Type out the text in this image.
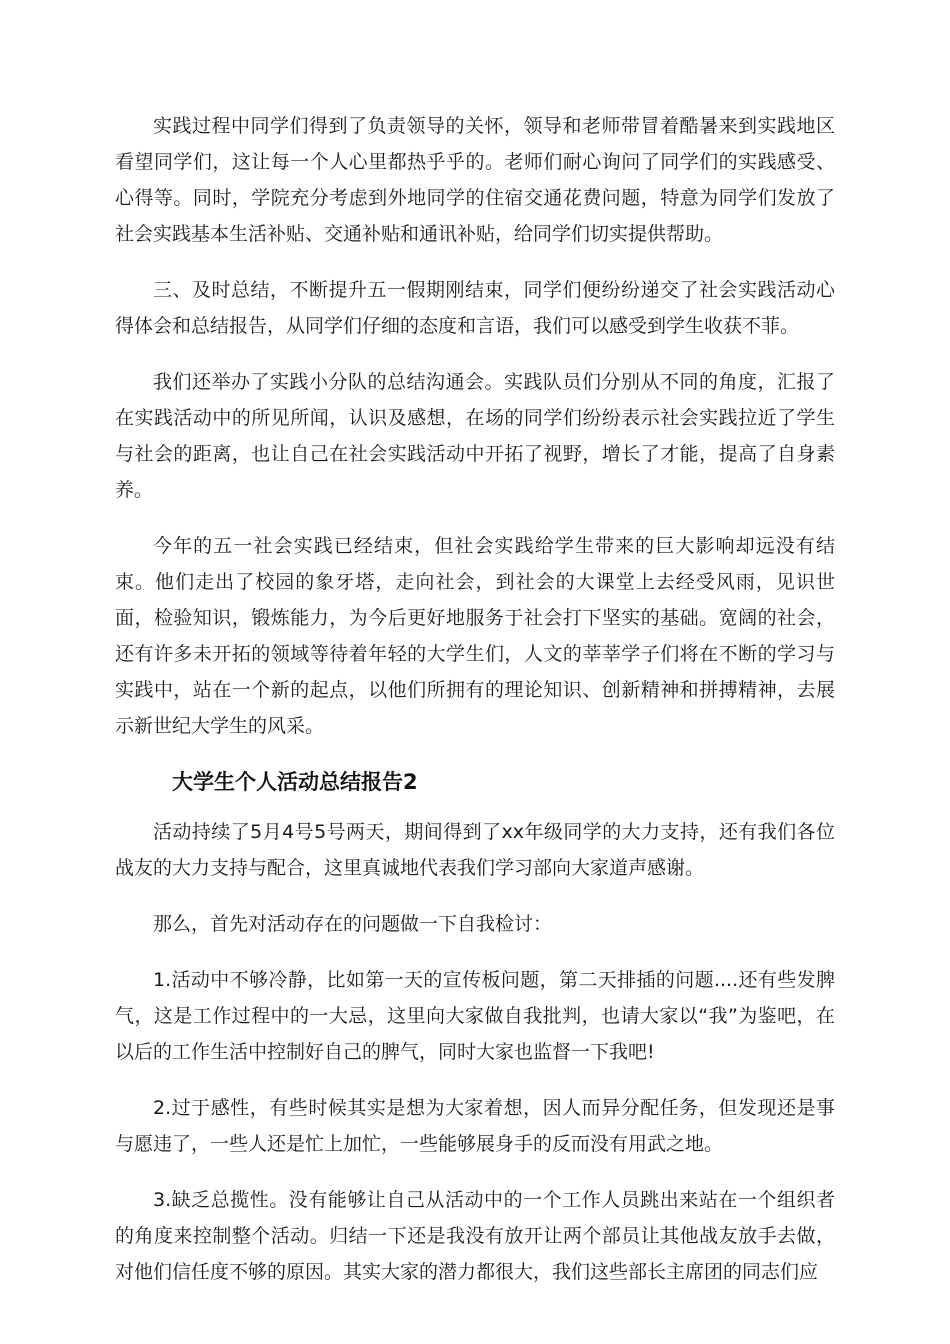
实践过程中同学们得到了负责领导的关怀，领导和老师带冒着酷暑来到实践地区看望同学们，这让每一个人心里都热乎乎的。老师们耐心询问了同学们的实践感受、心得等。同时，学院充分考虑到外地同学的住宿交通花费问题，特意为同学们发放了社会实践基本生活补贴、交通补贴和通讯补贴，给同学们切实提供帮助。

三、及时总结，不断提升五一假期刚结束，同学们便纷纷递交了社会实践活动心得体会和总结报告，从同学们仔细的态度和言语，我们可以感受到学生收获不菲。

我们还举办了实践小分队的总结沟通会。实践队员们分别从不同的角度，汇报了在实践活动中的所见所闻，认识及感想，在场的同学们纷纷表示社会实践拉近了学生与社会的距离，也让自己在社会实践活动中开拓了视野，增长了才能，提高了自身素养。

今年的五一社会实践已经结束，但社会实践给学生带来的巨大影响却远没有结束。他们走出了校园的象牙塔，走向社会，到社会的大课堂上去经受风雨，见识世面，检验知识，锻炼能力，为今后更好地服务于社会打下坚实的基础。宽阔的社会，还有许多未开拓的领域等待着年轻的大学生们，人文的莘莘学子们将在不断的学习与实践中，站在一个新的起点，以他们所拥有的理论知识、创新精神和拼搏精神，去展示新世纪大学生的风采。

大学生个人活动总结报告2

活动持续了5月4号5号两天，期间得到了xx年级同学的大力支持，还有我们各位战友的大力支持与配合，这里真诚地代表我们学习部向大家道声感谢。

那么，首先对活动存在的问题做一下自我检讨：

1.活动中不够冷静，比如第一天的宣传板问题，第二天排插的问题....还有些发脾气，这是工作过程中的一大忌，这里向大家做自我批判，也请大家以“我”为鉴吧，在以后的工作生活中控制好自己的脾气，同时大家也监督一下我吧!

2.过于感性，有些时候其实是想为大家着想，因人而异分配任务，但发现还是事与愿违了，一些人还是忙上加忙，一些能够展身手的反而没有用武之地。

3.缺乏总揽性。没有能够让自己从活动中的一个工作人员跳出来站在一个组织者的角度来控制整个活动。归结一下还是我没有放开让两个部员让其他战友放手去做，对他们信任度不够的原因。其实大家的潜力都很大，我们这些部长主席团的同志们应
